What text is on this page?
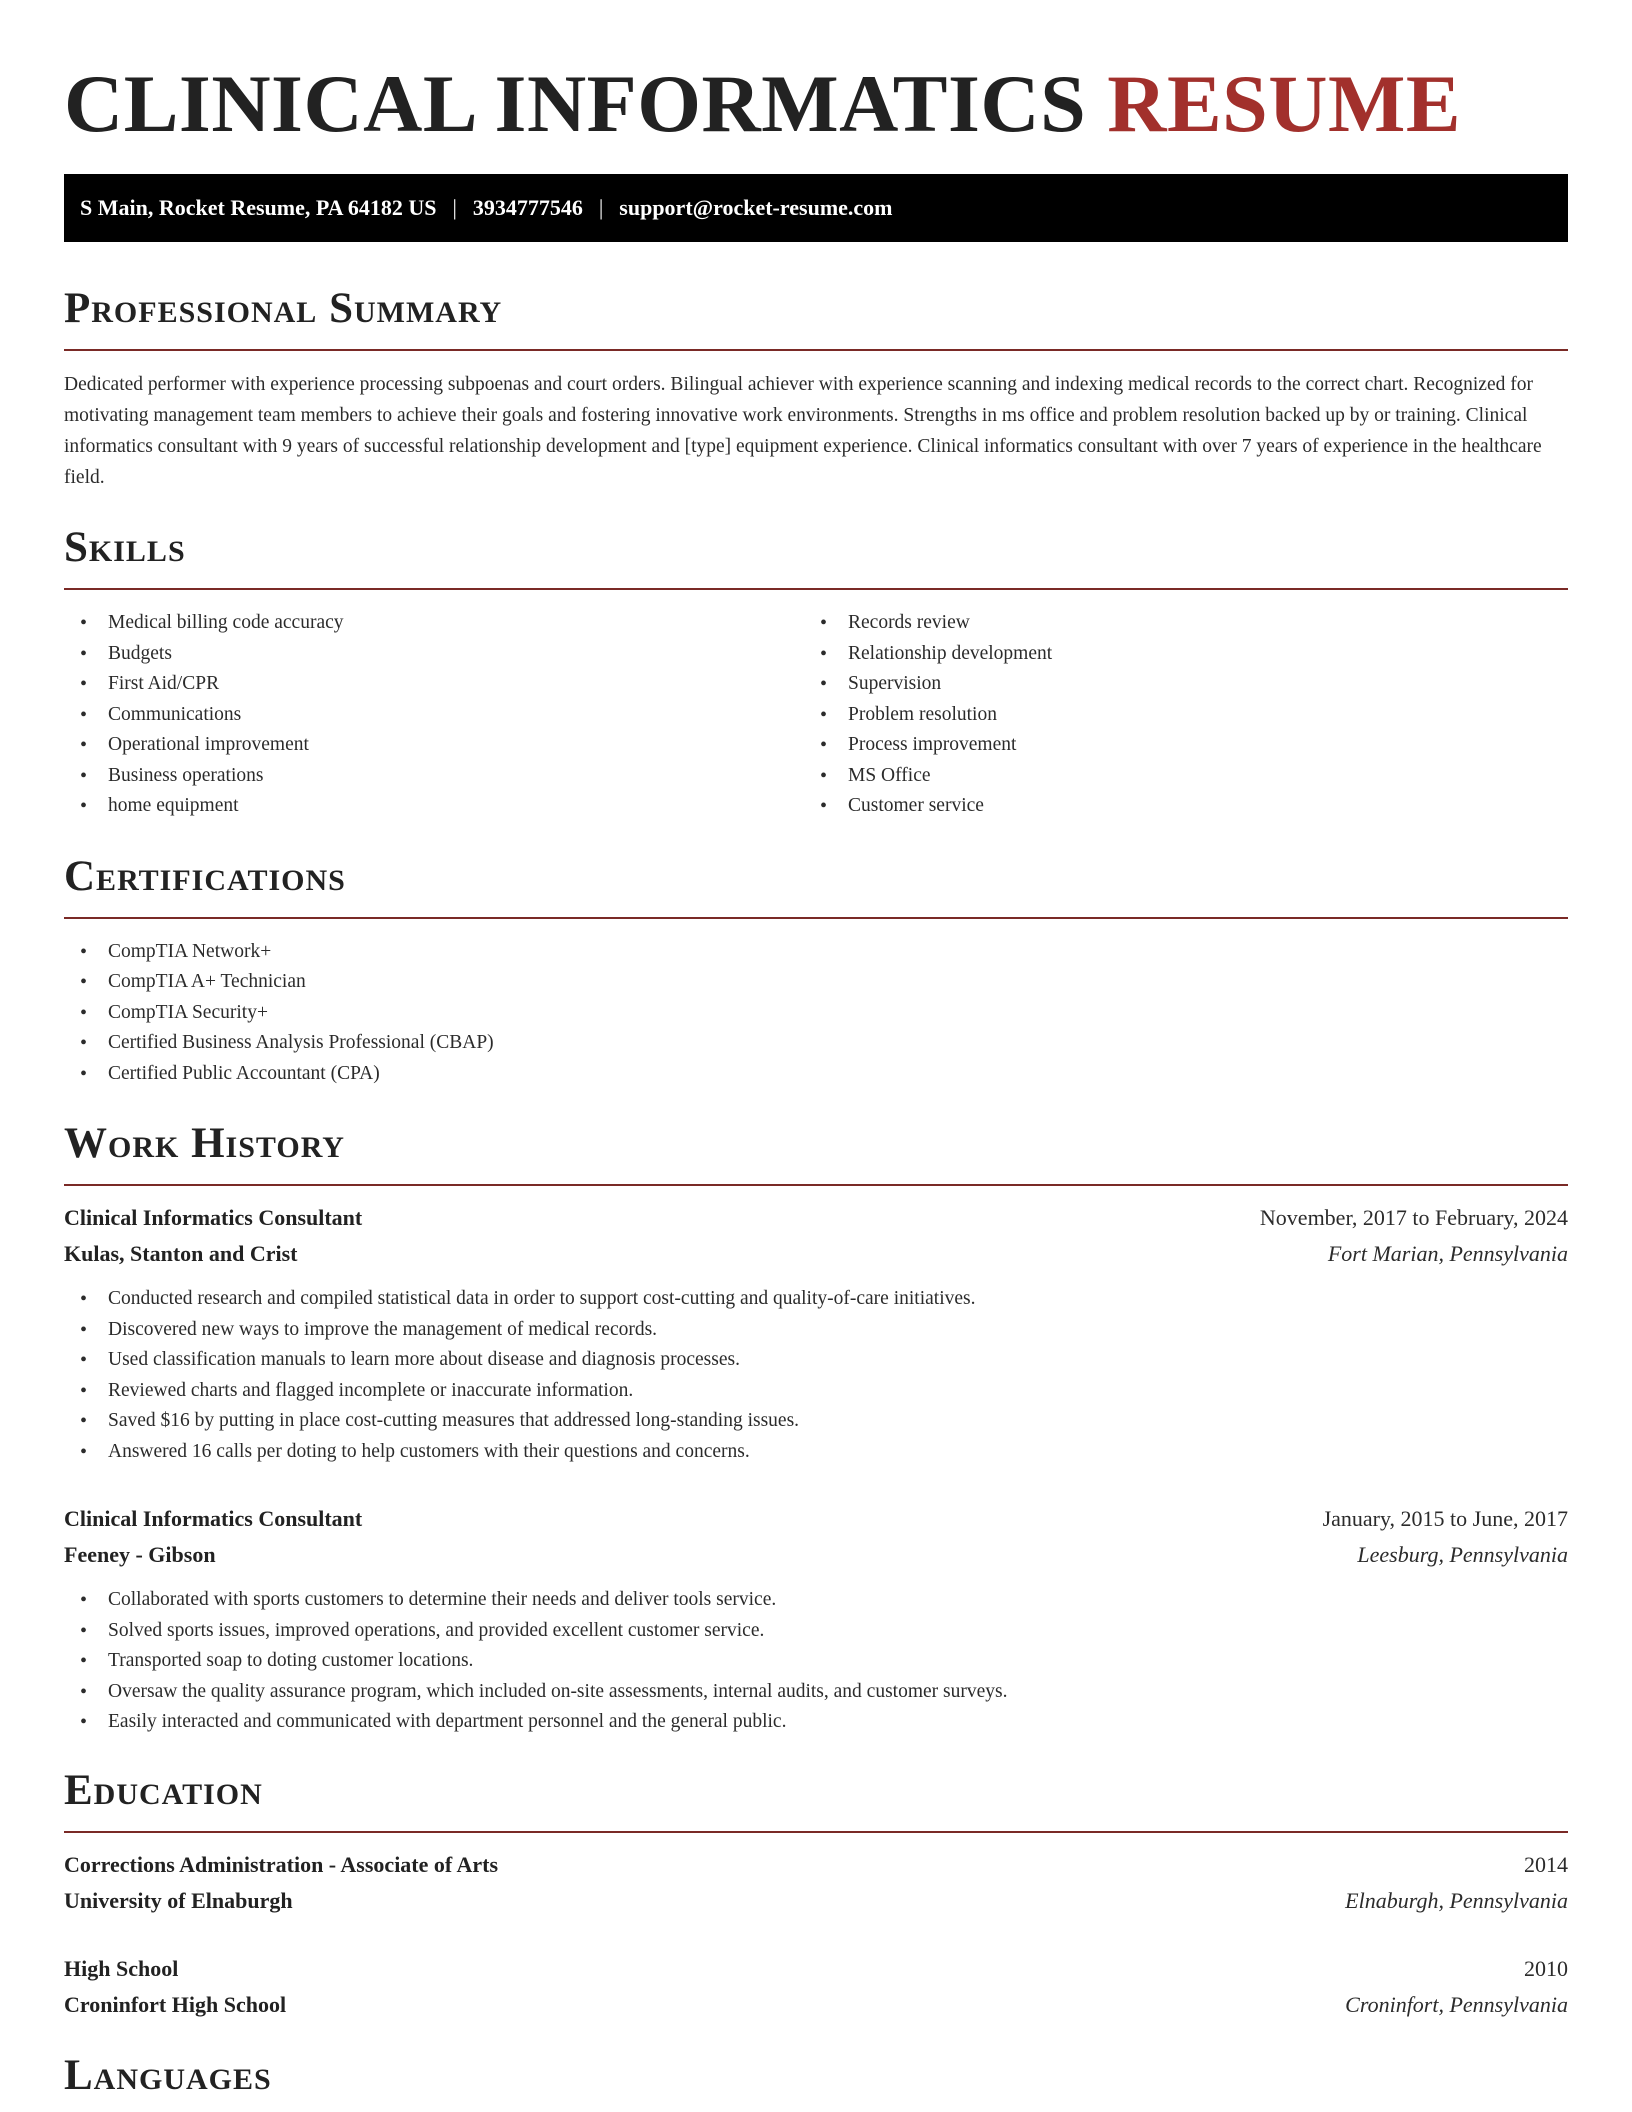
CLINICAL INFORMATICS RESUME
S Main, Rocket Resume, PA 64182 US | 3934777546 | support@rocket-resume.com
Professional Summary

Dedicated performer with experience processing subpoenas and court orders. Bilingual achiever with experience scanning and indexing medical records to the correct chart. Recognized for motivating management team members to achieve their goals and fostering innovative work environments. Strengths in ms office and problem resolution backed up by or training. Clinical informatics consultant with 9 years of successful relationship development and [type] equipment experience. Clinical informatics consultant with over 7 years of experience in the healthcare field.

Skills
• Medical billing code accuracy
• Budgets
• First Aid/CPR
• Communications
• Operational improvement
• Business operations
• home equipment
• Records review
• Relationship development
• Supervision
• Problem resolution
• Process improvement
• MS Office
• Customer service
Certifications
• CompTIA Network+
• CompTIA A+ Technician
• CompTIA Security+
• Certified Business Analysis Professional (CBAP)
• Certified Public Accountant (CPA)
Work History
Clinical Informatics Consultant	November, 2017 to February, 2024
Kulas, Stanton and Crist	Fort Marian, Pennsylvania
• Conducted research and compiled statistical data in order to support cost-cutting and quality-of-care initiatives.
• Discovered new ways to improve the management of medical records.
• Used classification manuals to learn more about disease and diagnosis processes.
• Reviewed charts and flagged incomplete or inaccurate information.
• Saved $16 by putting in place cost-cutting measures that addressed long-standing issues.
• Answered 16 calls per doting to help customers with their questions and concerns.
Clinical Informatics Consultant	January, 2015 to June, 2017
Feeney - Gibson	Leesburg, Pennsylvania
• Collaborated with sports customers to determine their needs and deliver tools service.
• Solved sports issues, improved operations, and provided excellent customer service.
• Transported soap to doting customer locations.
• Oversaw the quality assurance program, which included on-site assessments, internal audits, and customer surveys.
• Easily interacted and communicated with department personnel and the general public.
Education
Corrections Administration - Associate of Arts	2014
University of Elnaburgh	Elnaburgh, Pennsylvania
High School	2010
Croninfort High School	Croninfort, Pennsylvania
Languages
